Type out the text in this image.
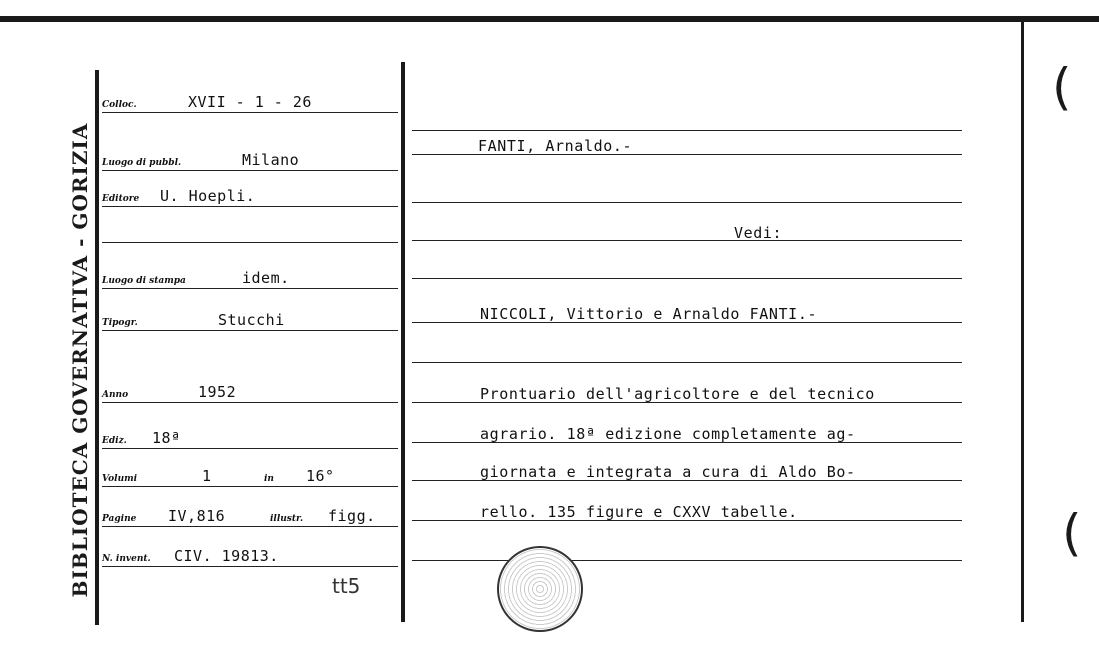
BIBLIOTECA GOVERNATIVA - GORIZIA
Colloc.	XVII - 1 - 26
Luogo di pubbl.	Milano
Editore U. Hoepli.
Luogo di stampa	idem.
Tipogr.	Stucchi
Anno	1952
Ediz. 18ª
Volumi	1	in 16°
Pagine IV,816	illustr. figg.
N. invent. CIV. 19813.
tt5
FANTI, Arnaldo.-
Vedi:
NICCOLI, Vittorio e Arnaldo FANTI.-
Prontuario dell'agricoltore e del tecnico
agrario. 18ª edizione completamente ag-
giornata e integrata a cura di Aldo Bo-
rello. 135 figure e CXXV tabelle.
(
(
